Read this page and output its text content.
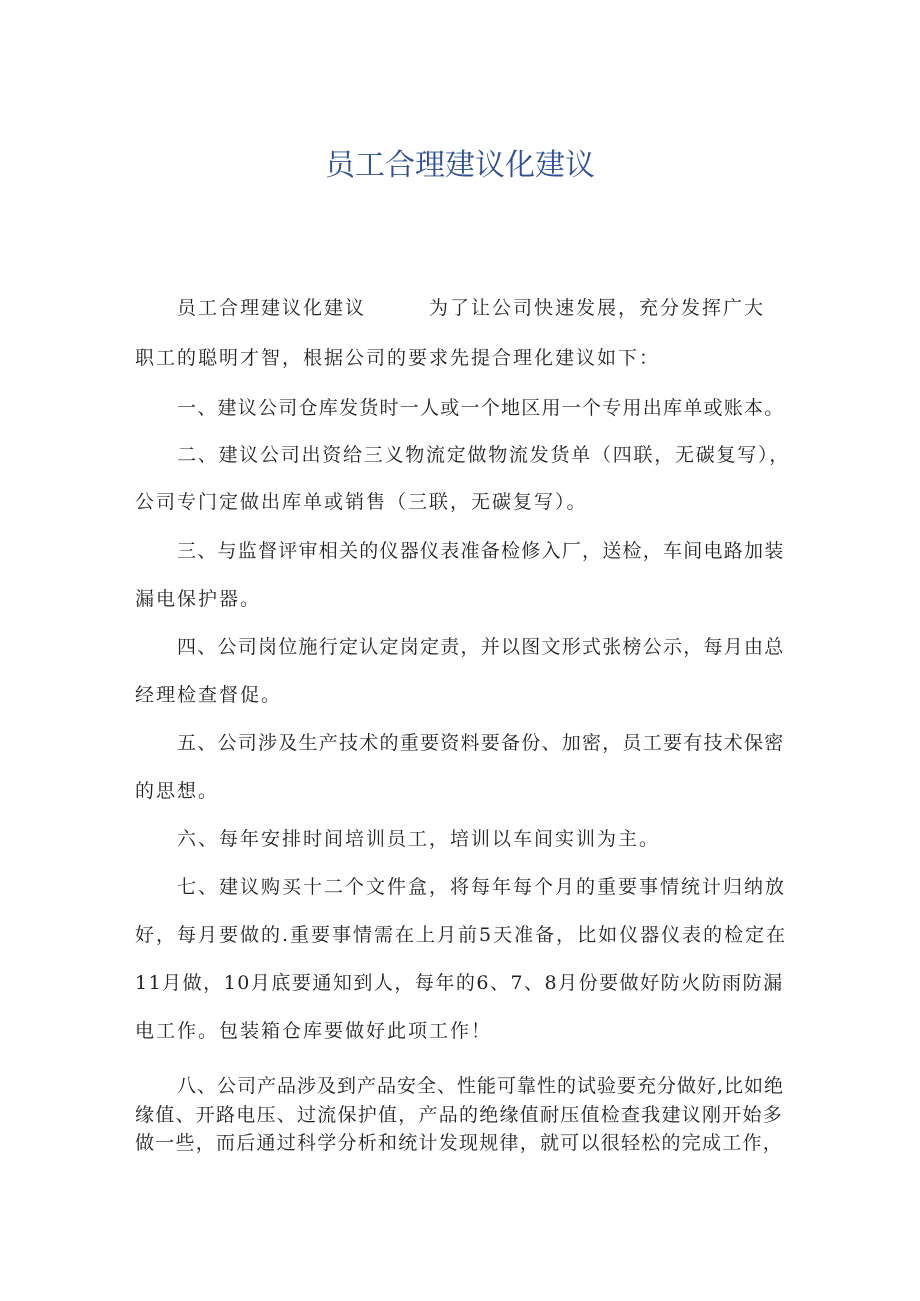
员工合理建议化建议
员工合理建议化建议　　　为了让公司快速发展，充分发挥广大
职工的聪明才智，根据公司的要求先提合理化建议如下：
一、建议公司仓库发货时一人或一个地区用一个专用出库单或账本。
二、建议公司出资给三义物流定做物流发货单（四联，无碳复写），
公司专门定做出库单或销售（三联，无碳复写）。
三、与监督评审相关的仪器仪表准备检修入厂，送检，车间电路加装
漏电保护器。
四、公司岗位施行定认定岗定责，并以图文形式张榜公示，每月由总
经理检查督促。
五、公司涉及生产技术的重要资料要备份、加密，员工要有技术保密
的思想。
六、每年安排时间培训员工，培训以车间实训为主。
七、建议购买十二个文件盒，将每年每个月的重要事情统计归纳放
好，每月要做的.重要事情需在上月前5天准备，比如仪器仪表的检定在
11月做，10月底要通知到人，每年的6、7、8月份要做好防火防雨防漏
电工作。包装箱仓库要做好此项工作！
八、公司产品涉及到产品安全、性能可靠性的试验要充分做好,比如绝
缘值、开路电压、过流保护值，产品的绝缘值耐压值检查我建议刚开始多
做一些，而后通过科学分析和统计发现规律，就可以很轻松的完成工作，
